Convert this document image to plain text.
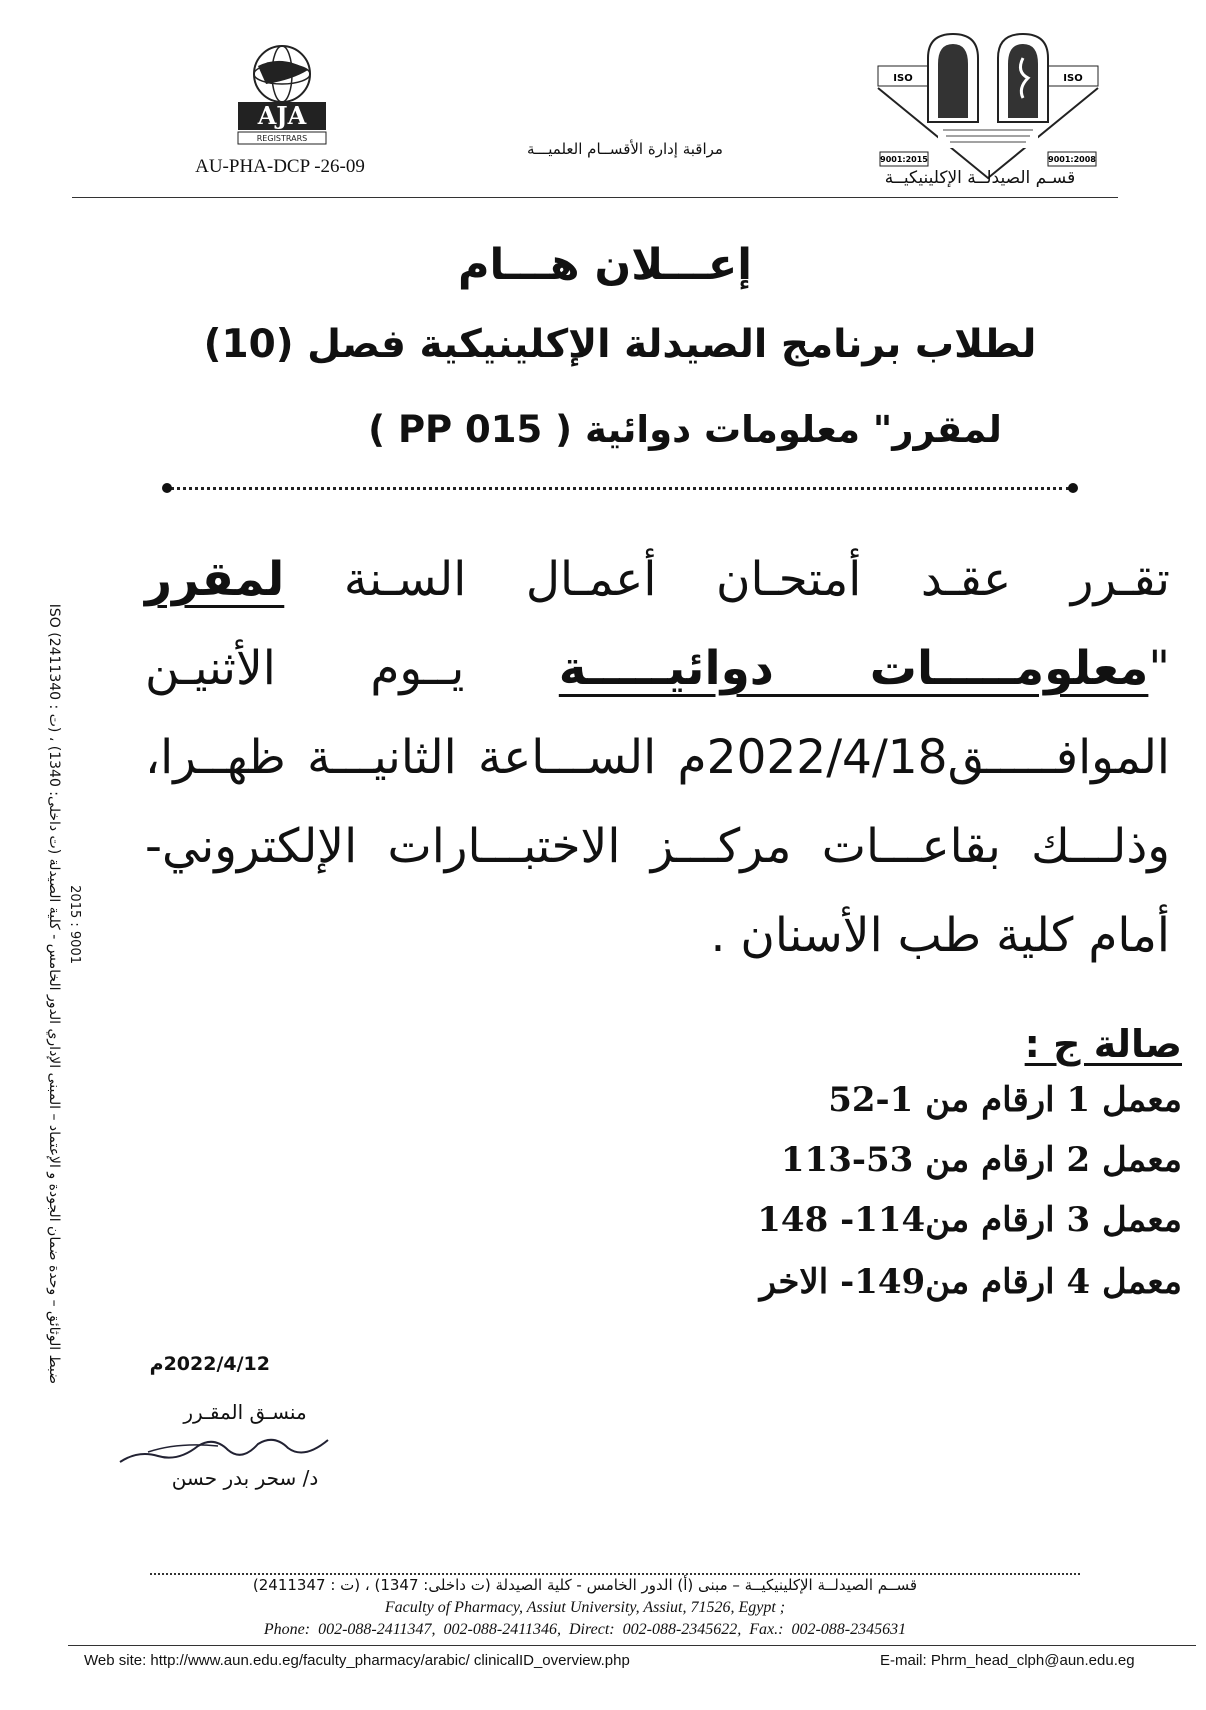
AJA
REGISTRARS
AU-PHA-DCP -26-09
مراقبة إدارة الأقســام العلميـــة
ISO	ISO
9001:2015	9001:2008
قسـم الصيدلــة الإكلينيكيــة
إعـــلان هـــام
لطلاب برنامج الصيدلة الإكلينيكية فصل (10)
لمقرر" معلومات دوائية ( PP 015 )
تقـرر عقـد أمتحـان أعمـال السـنة لمقرر "معلومـــــات دوائيـــــة يــوم الأثنيـن الموافـــــق2022/4/18م الســـاعة الثانيـــة ظهــرا، وذلـــك بقاعـــات مركـــز الاختبـــارات الإلكتروني- أمام كلية طب الأسنان .
صالة ج :
معمل 1 ارقام من 1-52
معمل 2 ارقام من 53-113
معمل 3 ارقام من114- 148
معمل 4 ارقام من149- الاخر
2022/4/12م
منسـق المقـرر
د/ سحر بدر حسن
ضبط الوثائق – وحدة ضمان الجودة و الإعتماد – المبنى الإداري الدور الخامس - كلية الصيدلة (ت داخلى: 1340) ، (ت : 2411340) ISO 9001 : 2015
قســم الصيدلــة الإكلينيكيــة – مبنى (أ) الدور الخامس - كلية الصيدلة (ت داخلى: 1347) ، (ت : 2411347)
Faculty of Pharmacy, Assiut University, Assiut, 71526, Egypt ;
Phone: 002-088-2411347, 002-088-2411346, Direct: 002-088-2345622, Fax.: 002-088-2345631
Web site: http://www.aun.edu.eg/faculty_pharmacy/arabic/ clinicalID_overview.php	E-mail: Phrm_head_clph@aun.edu.eg
